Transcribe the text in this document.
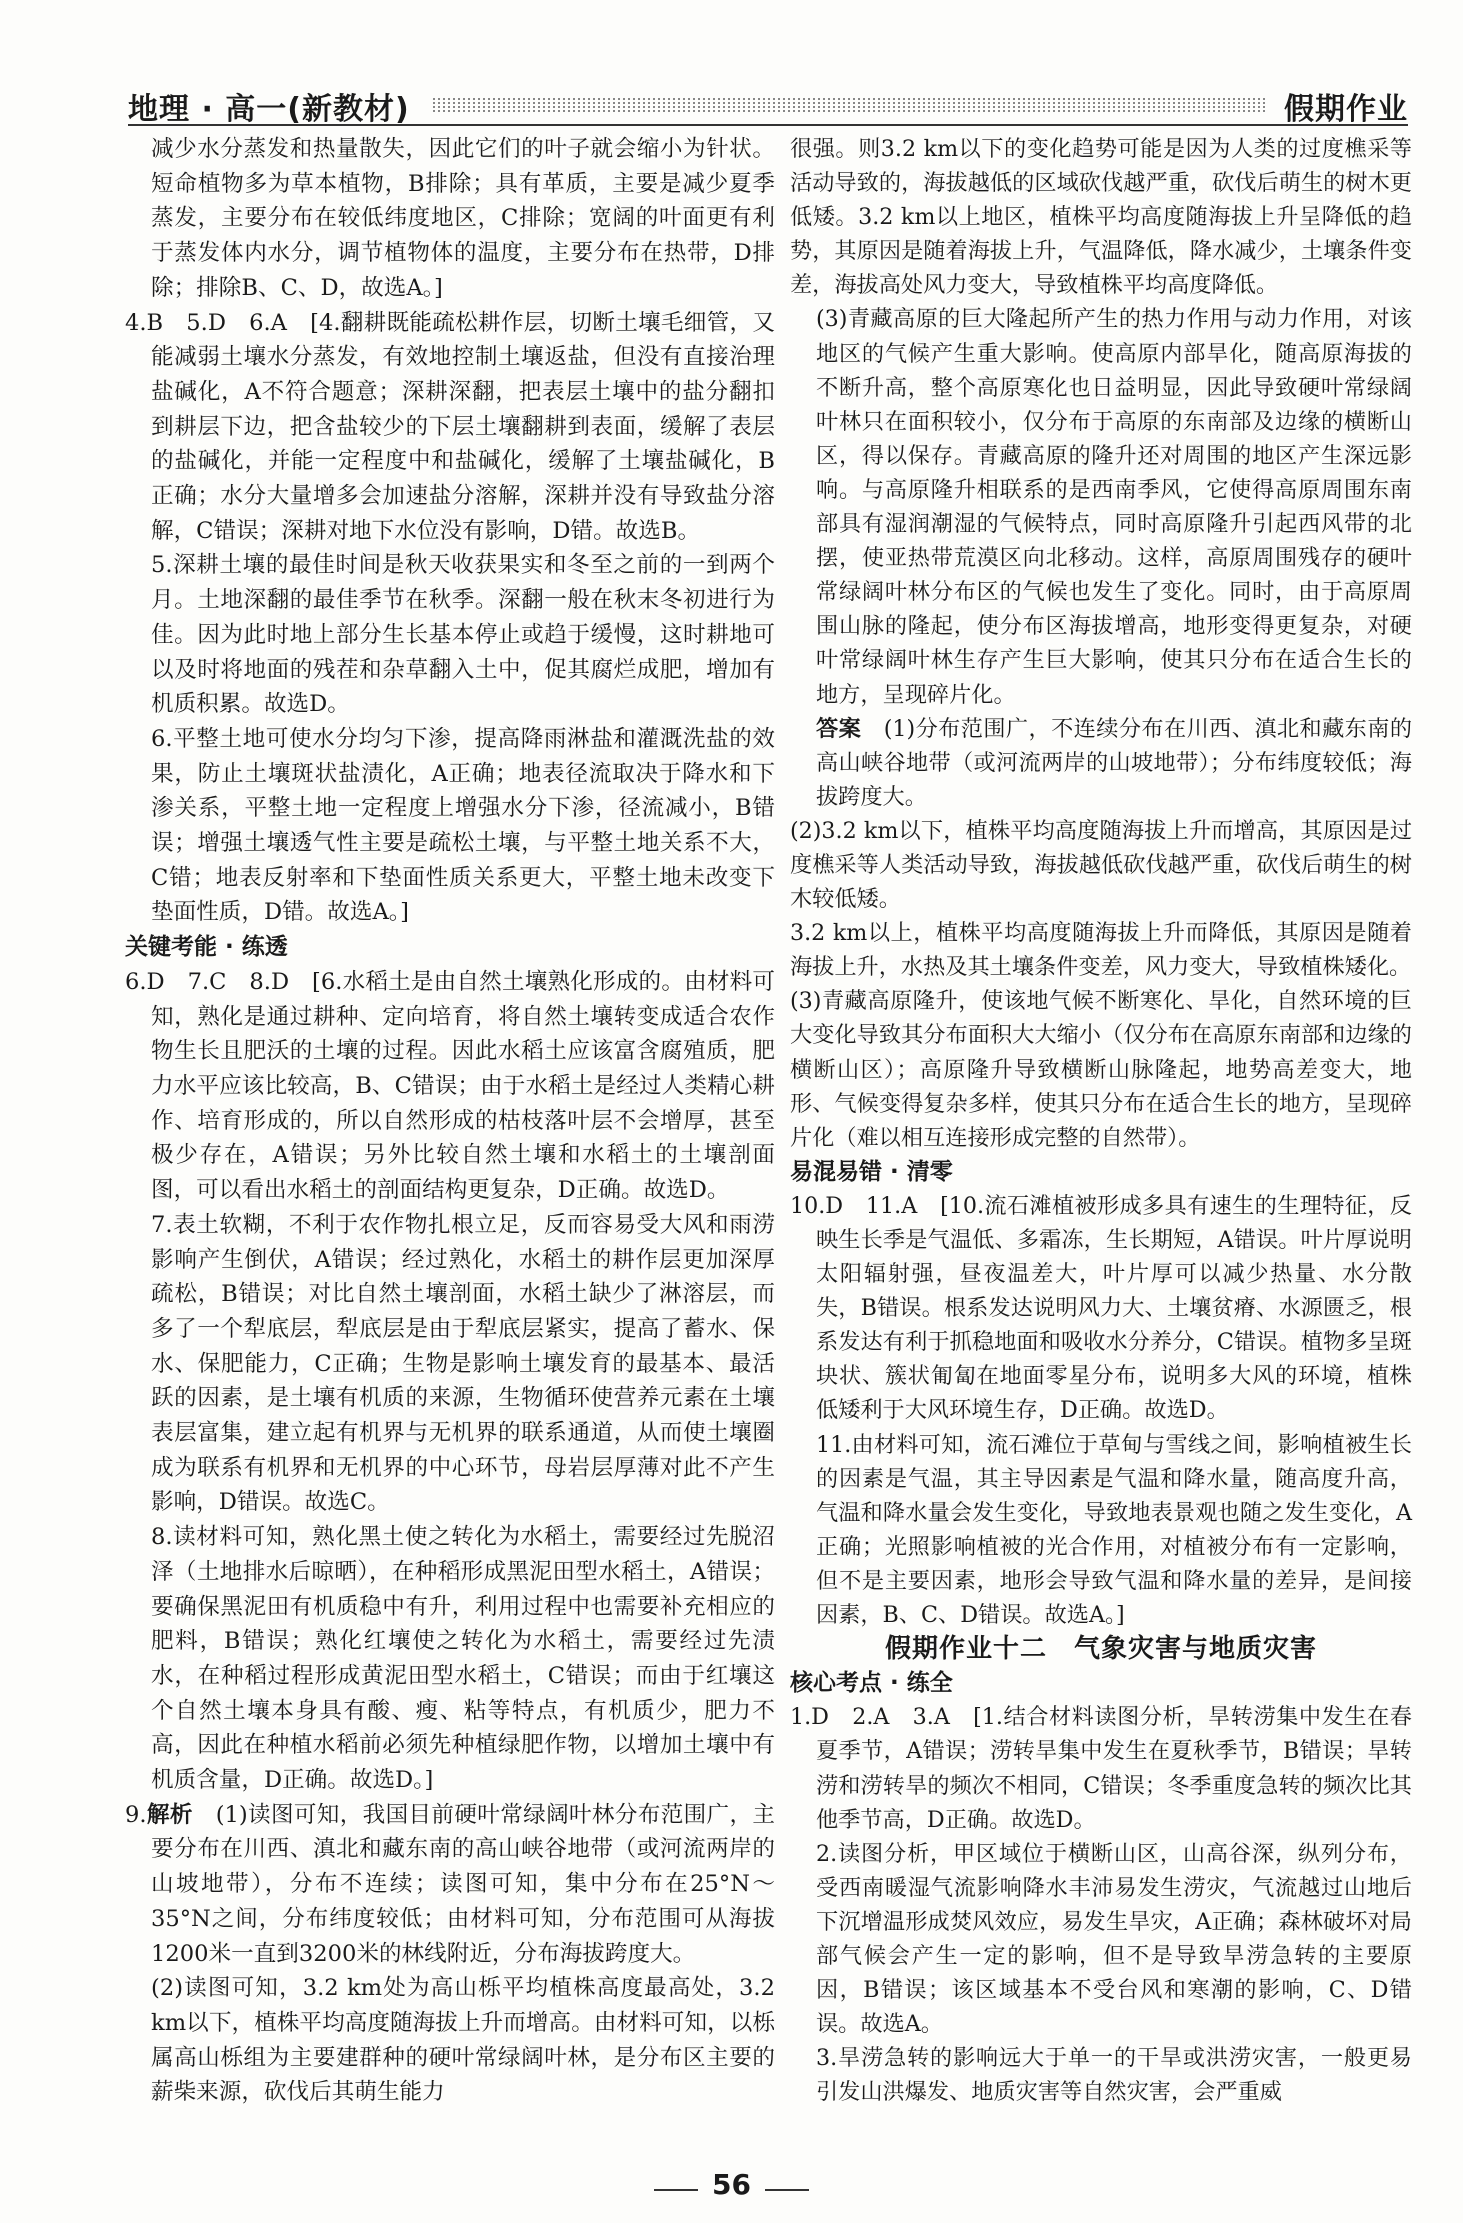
地理 · 高一(新教材)	假期作业

减少水分蒸发和热量散失，因此它们的叶子就会缩小为针状。短命植物多为草本植物，B排除；具有革质，主要是减少夏季蒸发，主要分布在较低纬度地区，C排除；宽阔的叶面更有利于蒸发体内水分，调节植物体的温度，主要分布在热带，D排除；排除B、C、D，故选A。]

4.B　5.D　6.A　[4.翻耕既能疏松耕作层，切断土壤毛细管，又能减弱土壤水分蒸发，有效地控制土壤返盐，但没有直接治理盐碱化，A不符合题意；深耕深翻，把表层土壤中的盐分翻扣到耕层下边，把含盐较少的下层土壤翻耕到表面，缓解了表层的盐碱化，并能一定程度中和盐碱化，缓解了土壤盐碱化，B正确；水分大量增多会加速盐分溶解，深耕并没有导致盐分溶解，C错误；深耕对地下水位没有影响，D错。故选B。

5.深耕土壤的最佳时间是秋天收获果实和冬至之前的一到两个月。土地深翻的最佳季节在秋季。深翻一般在秋末冬初进行为佳。因为此时地上部分生长基本停止或趋于缓慢，这时耕地可以及时将地面的残茬和杂草翻入土中，促其腐烂成肥，增加有机质积累。故选D。

6.平整土地可使水分均匀下渗，提高降雨淋盐和灌溉洗盐的效果，防止土壤斑状盐渍化，A正确；地表径流取决于降水和下渗关系，平整土地一定程度上增强水分下渗，径流减小，B错误；增强土壤透气性主要是疏松土壤，与平整土地关系不大，C错；地表反射率和下垫面性质关系更大，平整土地未改变下垫面性质，D错。故选A。]

关键考能 · 练透

6.D　7.C　8.D　[6.水稻土是由自然土壤熟化形成的。由材料可知，熟化是通过耕种、定向培育，将自然土壤转变成适合农作物生长且肥沃的土壤的过程。因此水稻土应该富含腐殖质，肥力水平应该比较高，B、C错误；由于水稻土是经过人类精心耕作、培育形成的，所以自然形成的枯枝落叶层不会增厚，甚至极少存在，A错误；另外比较自然土壤和水稻土的土壤剖面图，可以看出水稻土的剖面结构更复杂，D正确。故选D。

7.表土软糊，不利于农作物扎根立足，反而容易受大风和雨涝影响产生倒伏，A错误；经过熟化，水稻土的耕作层更加深厚疏松，B错误；对比自然土壤剖面，水稻土缺少了淋溶层，而多了一个犁底层，犁底层是由于犁底层紧实，提高了蓄水、保水、保肥能力，C正确；生物是影响土壤发育的最基本、最活跃的因素，是土壤有机质的来源，生物循环使营养元素在土壤表层富集，建立起有机界与无机界的联系通道，从而使土壤圈成为联系有机界和无机界的中心环节，母岩层厚薄对此不产生影响，D错误。故选C。

8.读材料可知，熟化黑土使之转化为水稻土，需要经过先脱沼泽（土地排水后晾晒），在种稻形成黑泥田型水稻土，A错误；要确保黑泥田有机质稳中有升，利用过程中也需要补充相应的肥料，B错误；熟化红壤使之转化为水稻土，需要经过先渍水，在种稻过程形成黄泥田型水稻土，C错误；而由于红壤这个自然土壤本身具有酸、瘦、粘等特点，有机质少，肥力不高，因此在种植水稻前必须先种植绿肥作物，以增加土壤中有机质含量，D正确。故选D。]

9.解析　 (1)读图可知，我国目前硬叶常绿阔叶林分布范围广，主要分布在川西、滇北和藏东南的高山峡谷地带（或河流两岸的山坡地带），分布不连续；读图可知，集中分布在25°N～35°N之间，分布纬度较低；由材料可知，分布范围可从海拔1200米一直到3200米的林线附近，分布海拔跨度大。

(2)读图可知，3.2 km处为高山栎平均植株高度最高处，3.2 km以下，植株平均高度随海拔上升而增高。由材料可知，以栎属高山栎组为主要建群种的硬叶常绿阔叶林，是分布区主要的薪柴来源，砍伐后其萌生能力

很强。则3.2 km以下的变化趋势可能是因为人类的过度樵采等活动导致的，海拔越低的区域砍伐越严重，砍伐后萌生的树木更低矮。3.2 km以上地区，植株平均高度随海拔上升呈降低的趋势，其原因是随着海拔上升，气温降低，降水减少，土壤条件变差，海拔高处风力变大，导致植株平均高度降低。

(3)青藏高原的巨大隆起所产生的热力作用与动力作用，对该地区的气候产生重大影响。使高原内部旱化，随高原海拔的不断升高，整个高原寒化也日益明显，因此导致硬叶常绿阔叶林只在面积较小，仅分布于高原的东南部及边缘的横断山区，得以保存。青藏高原的隆升还对周围的地区产生深远影响。与高原隆升相联系的是西南季风，它使得高原周围东南部具有湿润潮湿的气候特点，同时高原隆升引起西风带的北摆，使亚热带荒漠区向北移动。这样，高原周围残存的硬叶常绿阔叶林分布区的气候也发生了变化。同时，由于高原周围山脉的隆起，使分布区海拔增高，地形变得更复杂，对硬叶常绿阔叶林生存产生巨大影响，使其只分布在适合生长的地方，呈现碎片化。

答案　 (1)分布范围广，不连续分布在川西、滇北和藏东南的高山峡谷地带（或河流两岸的山坡地带）；分布纬度较低；海拔跨度大。

(2)3.2 km以下，植株平均高度随海拔上升而增高，其原因是过度樵采等人类活动导致，海拔越低砍伐越严重，砍伐后萌生的树木较低矮。

3.2 km以上，植株平均高度随海拔上升而降低，其原因是随着海拔上升，水热及其土壤条件变差，风力变大，导致植株矮化。

(3)青藏高原隆升，使该地气候不断寒化、旱化，自然环境的巨大变化导致其分布面积大大缩小（仅分布在高原东南部和边缘的横断山区）；高原隆升导致横断山脉隆起，地势高差变大，地形、气候变得复杂多样，使其只分布在适合生长的地方，呈现碎片化（难以相互连接形成完整的自然带）。

易混易错 · 清零

10.D　11.A　[10.流石滩植被形成多具有速生的生理特征，反映生长季是气温低、多霜冻，生长期短，A错误。叶片厚说明太阳辐射强，昼夜温差大，叶片厚可以减少热量、水分散失，B错误。根系发达说明风力大、土壤贫瘠、水源匮乏，根系发达有利于抓稳地面和吸收水分养分，C错误。植物多呈斑块状、簇状匍匐在地面零星分布，说明多大风的环境，植株低矮利于大风环境生存，D正确。故选D。

11.由材料可知，流石滩位于草甸与雪线之间，影响植被生长的因素是气温，其主导因素是气温和降水量，随高度升高，气温和降水量会发生变化，导致地表景观也随之发生变化，A正确；光照影响植被的光合作用，对植被分布有一定影响，但不是主要因素，地形会导致气温和降水量的差异，是间接因素，B、C、D错误。故选A。]

假期作业十二　气象灾害与地质灾害

核心考点 · 练全

1.D　2.A　3.A　[1.结合材料读图分析，旱转涝集中发生在春夏季节，A错误；涝转旱集中发生在夏秋季节，B错误；旱转涝和涝转旱的频次不相同，C错误；冬季重度急转的频次比其他季节高，D正确。故选D。

2.读图分析，甲区域位于横断山区，山高谷深，纵列分布，受西南暖湿气流影响降水丰沛易发生涝灾，气流越过山地后下沉增温形成焚风效应，易发生旱灾，A正确；森林破坏对局部气候会产生一定的影响，但不是导致旱涝急转的主要原因，B错误；该区域基本不受台风和寒潮的影响，C、D错误。故选A。

3.旱涝急转的影响远大于单一的干旱或洪涝灾害，一般更易引发山洪爆发、地质灾害等自然灾害，会严重威

56
